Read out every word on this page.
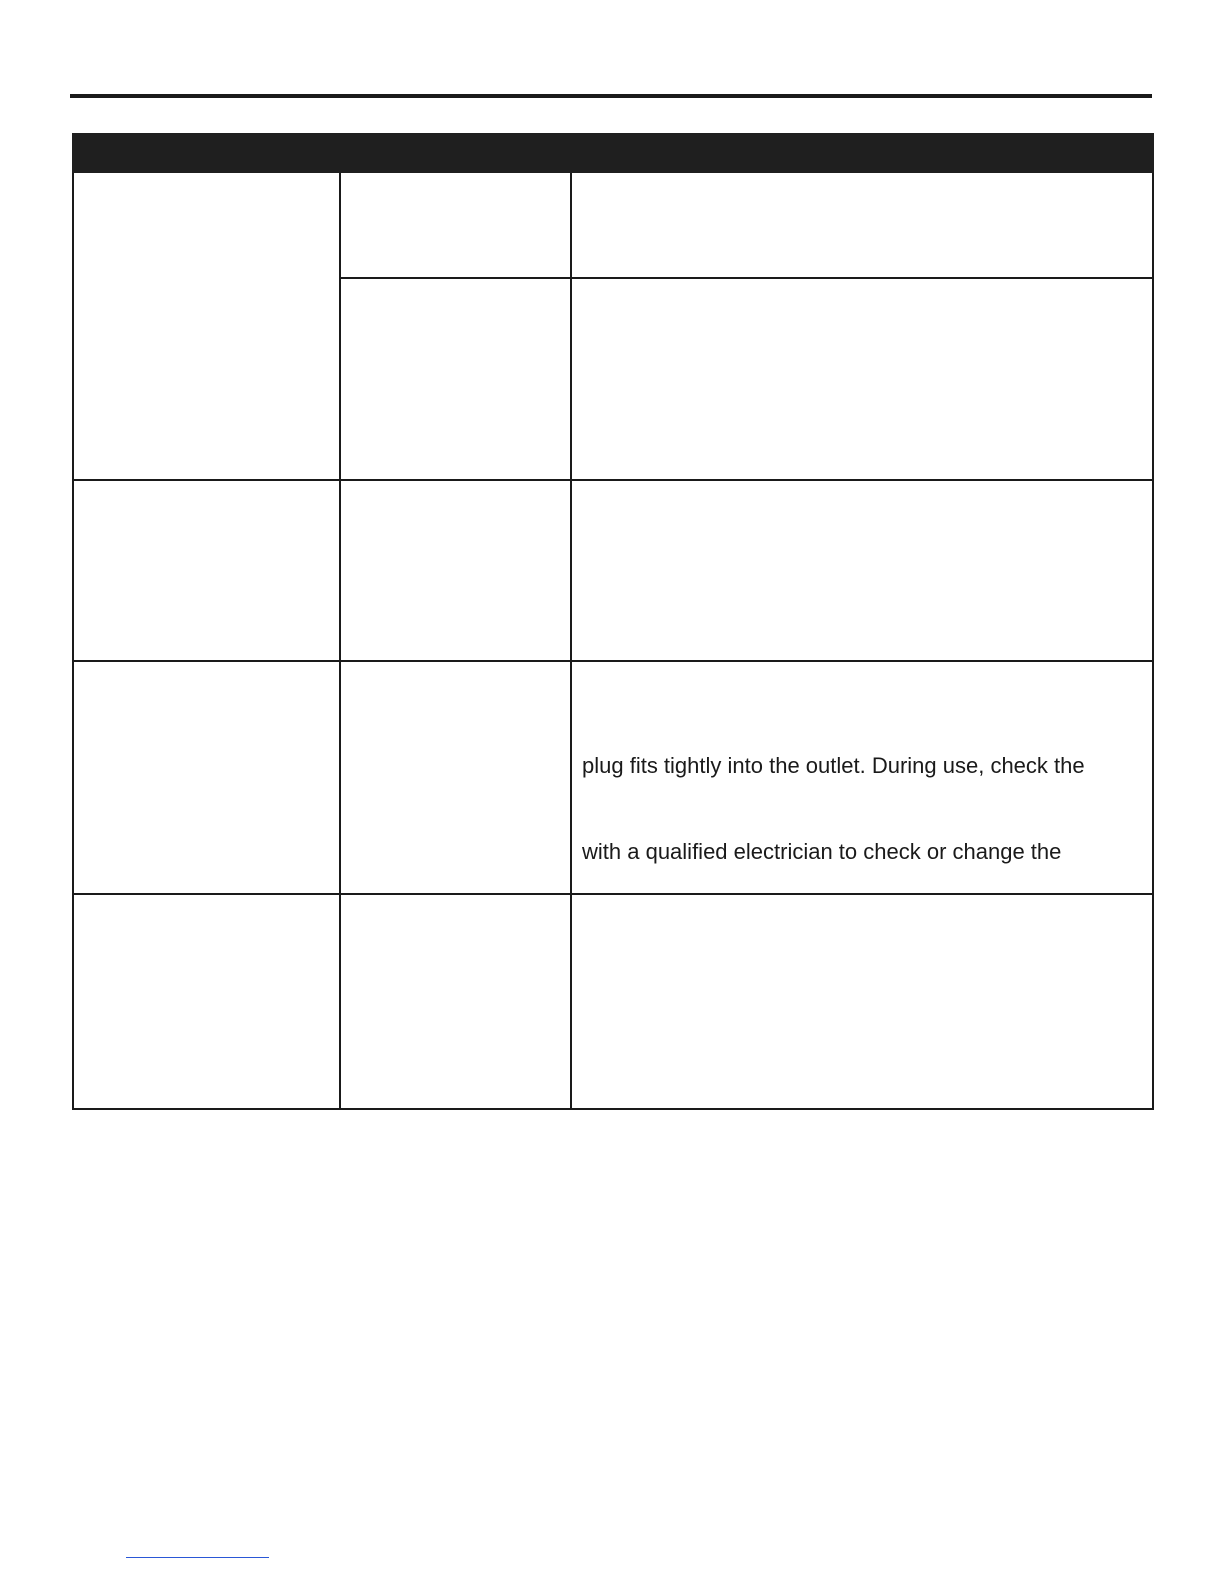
		plug fits tightly into the outlet. During use, check the
with a qualified electrician to check or change the
